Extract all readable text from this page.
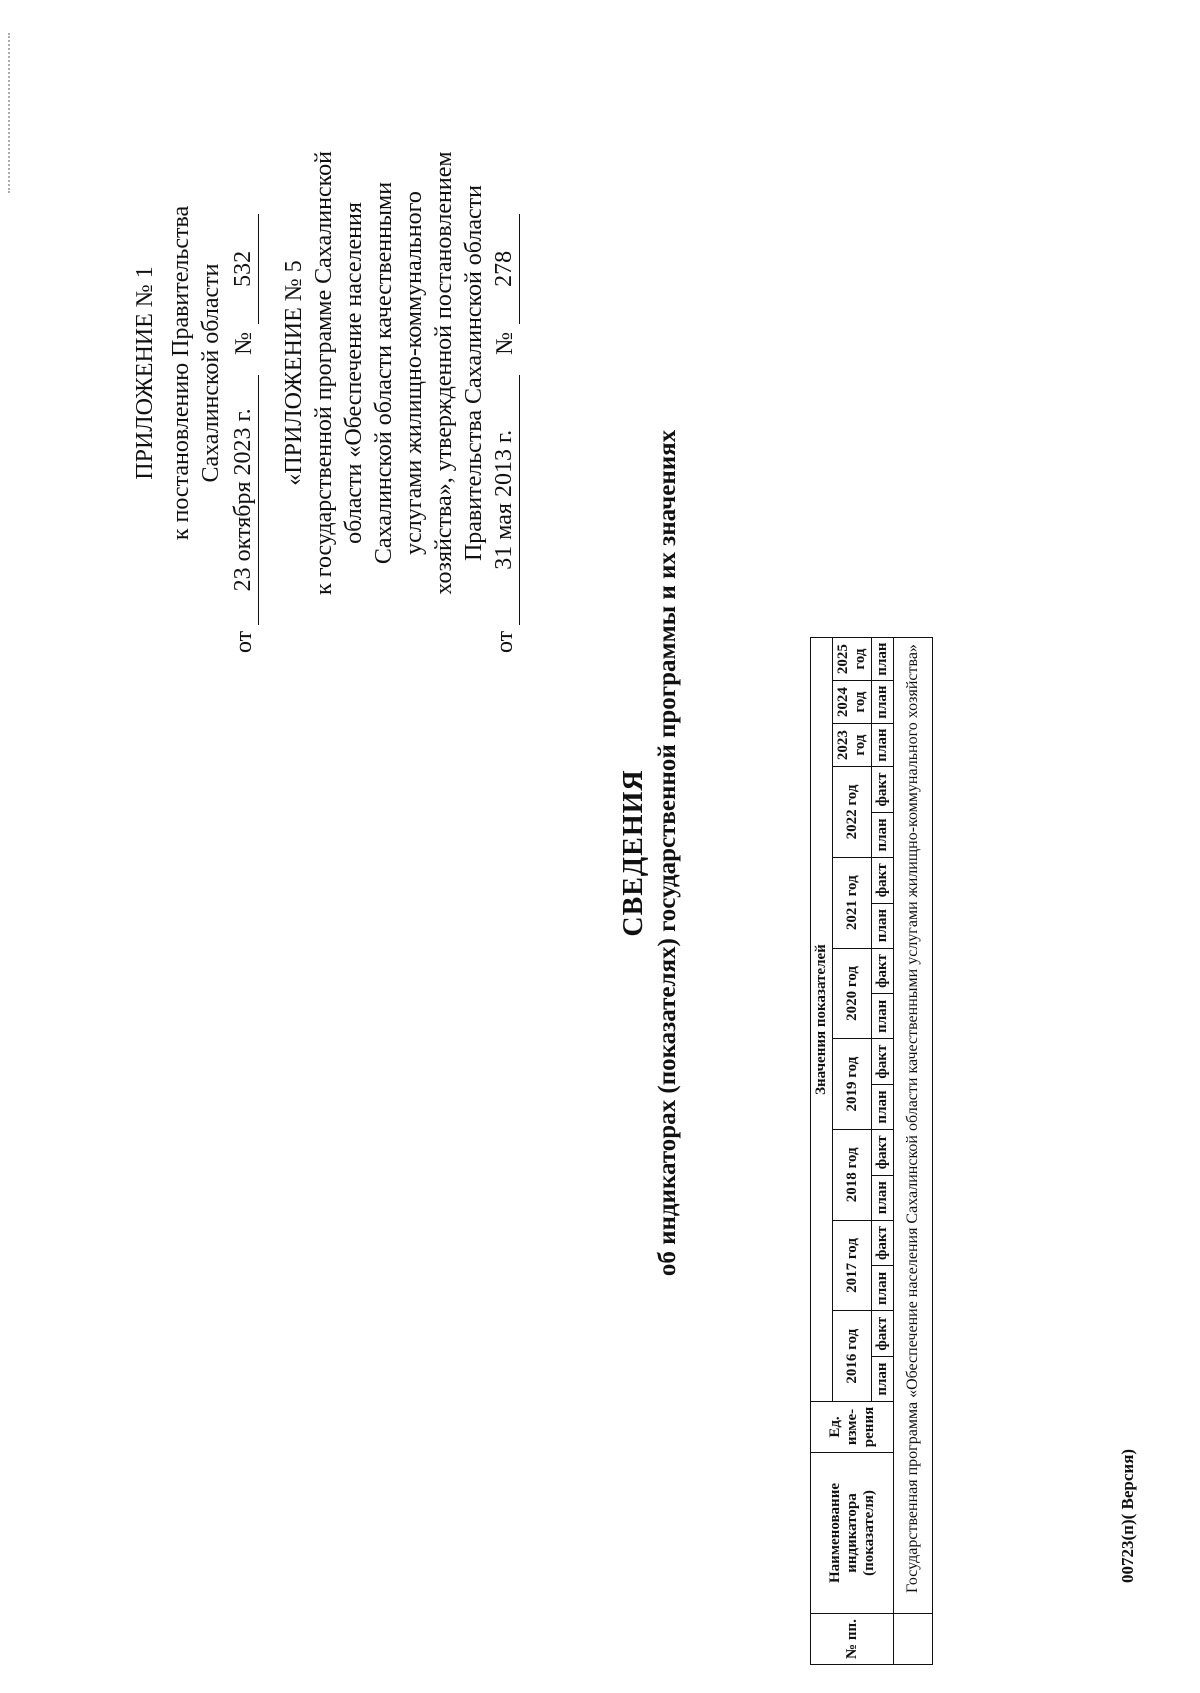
ПРИЛОЖЕНИЕ № 1 к постановлению Правительства Сахалинской области
от
23 октября 2023 г.
№
532 «ПРИЛОЖЕНИЕ № 5 к государственной программе Сахалинской области «Обеспечение населения Сахалинской области качественными услугами жилищно-коммунального хозяйства», утвержденной постановлением Правительства Сахалинской области
от
31 мая 2013 г.
№
278
СВЕДЕНИЯ об индикаторах (показателях) государственной программы и их значениях
№ пп.	Наименование индикатора (показателя)	Ед. изме-рения	Значения показателей																
			2016 год		2017 год		2018 год		2019 год		2020 год		2021 год		2022 год		2023 год	2024 год	2025 год
			план	факт	план	факт	план	факт	план	факт	план	факт	план	факт	план	факт	план	план	план
	Государственная программа «Обеспечение населения Сахалинской области качественными услугами жилищно-коммунального хозяйства»																			00723(п)( Версия)
